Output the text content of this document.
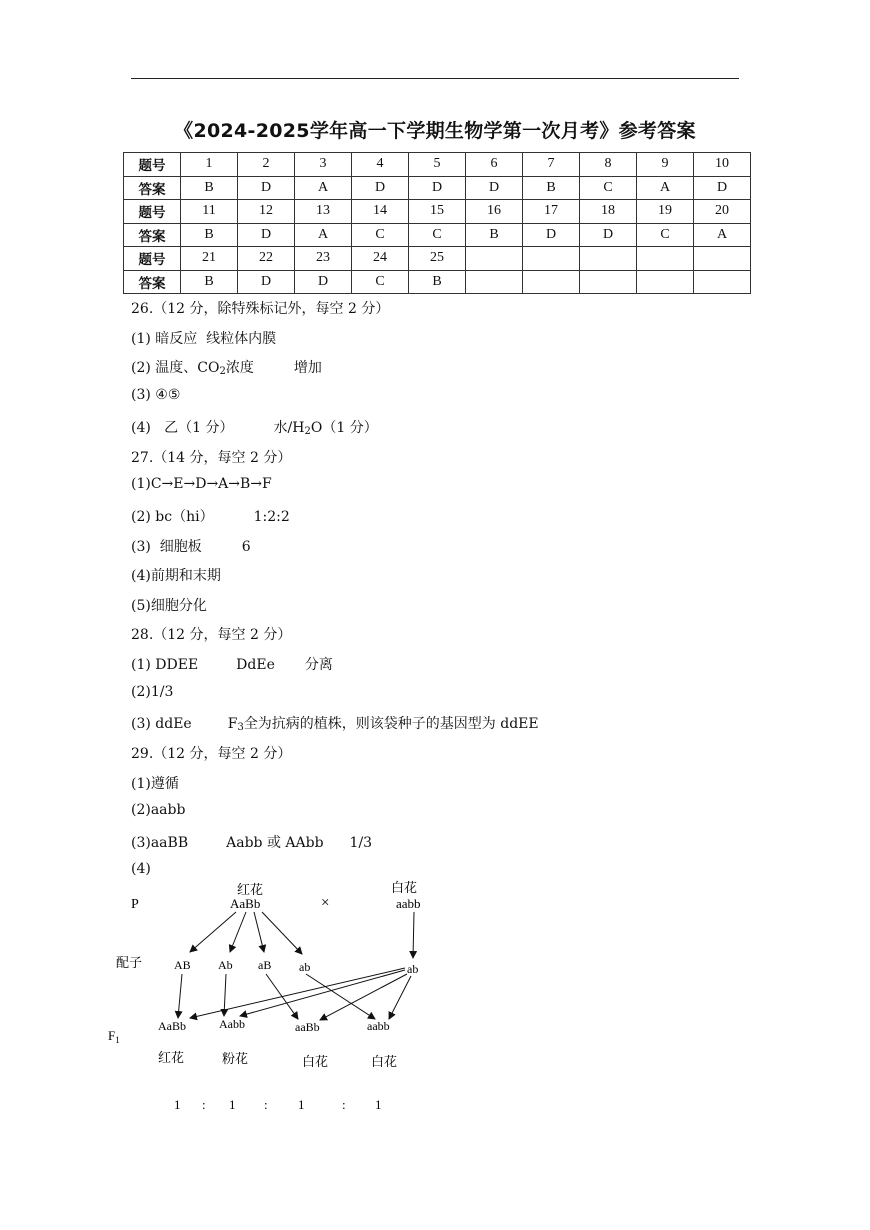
《2024-2025学年高一下学期生物学第一次月考》参考答案
题号	1	2	3	4	5	6	7	8	9	10
答案	B	D	A	D	D	D	B	C	A	D
题号	11	12	13	14	15	16	17	18	19	20
答案	B	D	A	C	C	B	D	D	C	A
题号	21	22	23	24	25					
答案	B	D	D	C	B					
26.（12 分，除特殊标记外，每空 2 分）
(1) 暗反应  线粒体内膜
(2) 温度、$CO_2$浓度	增加
(3) ④⑤
(4)   乙（1 分）	水$/H_2O(1$ 分）
27.（14 分，每空 2 分）
(1)C→E→D→A→B→F
(2) bc（hi）	1:2:2
(3)  细胞板	6
(4)前期和末期
(5)细胞分化
28.（12 分，每空 2 分）
(1) DDEE	DdEe 分离
(2)1/3
(3) ddEe	$F_3$全为抗病的植株，则该袋种子的基因型为 ddEE
29.（12 分，每空 2 分）
(1)遵循
(2)aabb
(3)aaBB	Aabb 或 AAbb 1/3
(4)
红花	白花
P	AaBb	×	aabb
配子	AB Ab aB ab	ab
$F_1$
AaBb	Aabb	aaBb	aabb
红花	粉花	白花	白花
1 : 1 : 1	: 1
